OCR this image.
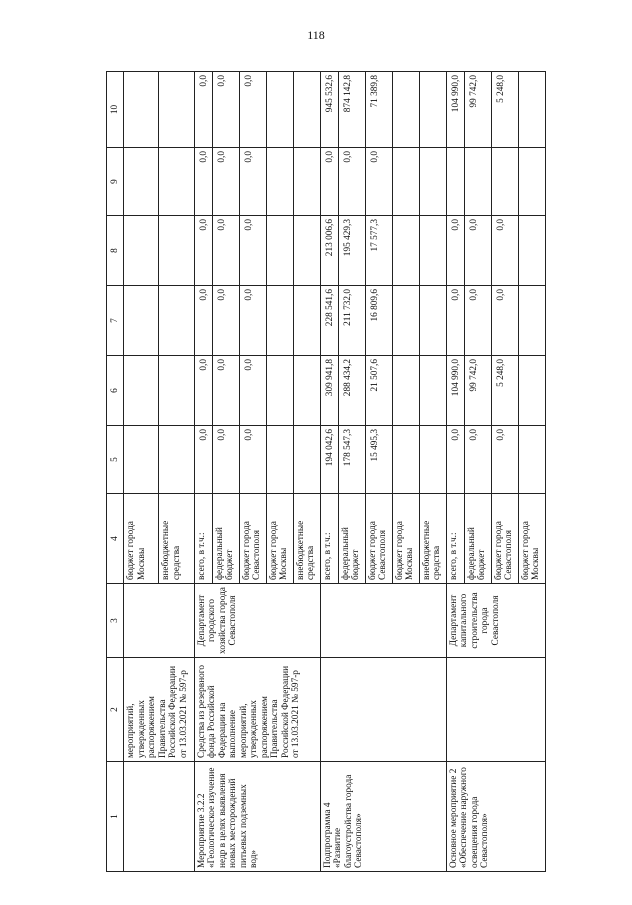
118
1	2	3	4	5	6	7	8	9	10
	мероприятий, утвержденных распоряжением Правительства Российской Федерации от 13.03.2021 № 597-р		бюджет города Москвы						
			внебюджетные средства						
Мероприятие 3.2.2 «Геологическое изучение недр в целях выявления новых месторождений питьевых подземных вод»	Средства из резервного фонда Российской Федерации на выполнение мероприятий, утвержденных распоряжением Правительства Российской Федерации от 13.03.2021 № 597-р	Департамент городского хозяйства города Севастополя	всего, в т.ч.:	0,0	0,0	0,0	0,0	0,0	0,0
			федеральный бюджет	0,0	0,0	0,0	0,0	0,0	0,0
			бюджет города Севастополя	0,0	0,0	0,0	0,0	0,0	0,0
			бюджет города Москвы						
			внебюджетные средства						
Подпрограмма 4 «Развитие благоустройства города Севастополя»			всего, в т.ч.:	194 042,6	309 941,8	228 541,6	213 006,6	0,0	945 532,6
			федеральный бюджет	178 547,3	288 434,2	211 732,0	195 429,3	0,0	874 142,8
			бюджет города Севастополя	15 495,3	21 507,6	16 809,6	17 577,3	0,0	71 389,8
			бюджет города Москвы						
			внебюджетные средства						
Основное мероприятие 2 «Обеспечение наружного освещения города Севастополя»		Департамент капитального строительства города Севастополя	всего, в т.ч.:	0,0	104 990,0	0,0	0,0		104 990,0
			федеральный бюджет	0,0	99 742,0	0,0	0,0		99 742,0
			бюджет города Севастополя	0,0	5 248,0	0,0	0,0		5 248,0
			бюджет города Москвы						
